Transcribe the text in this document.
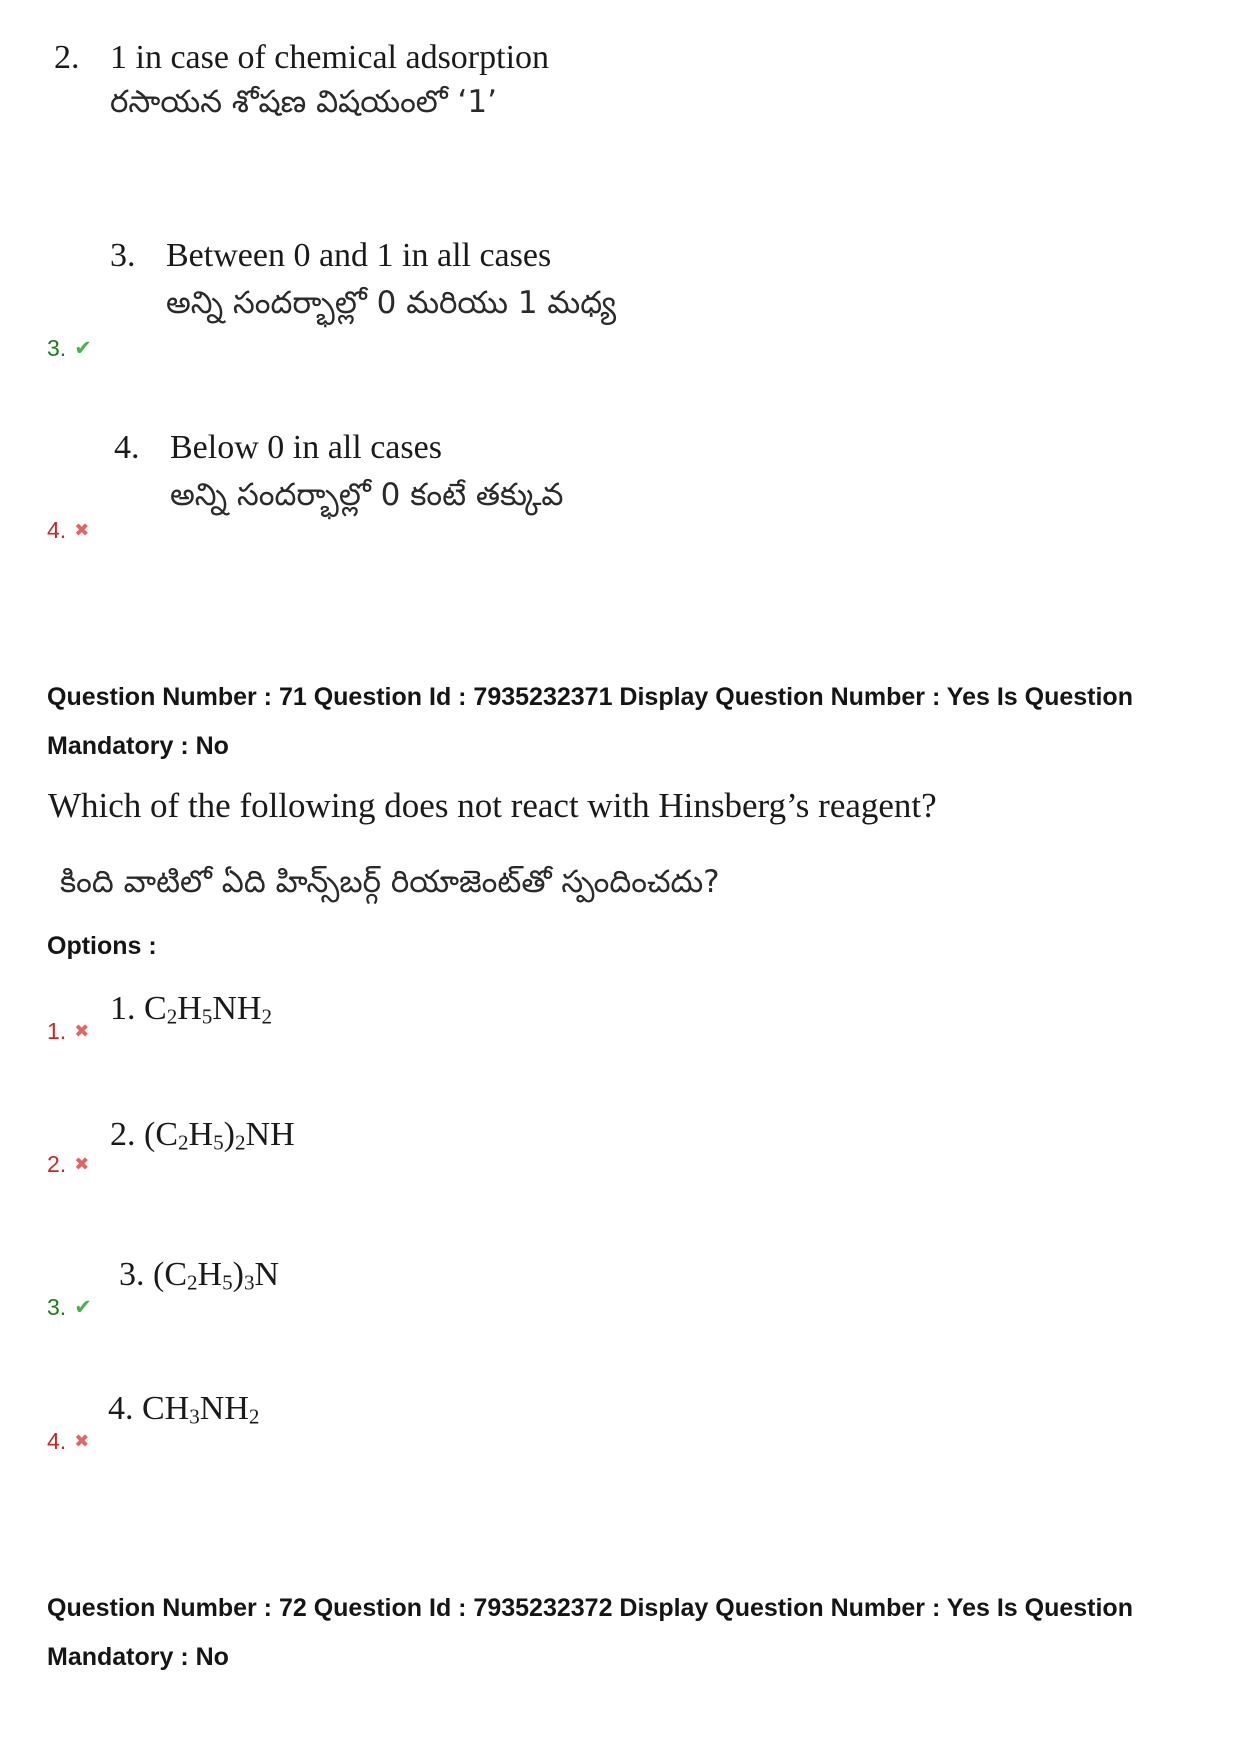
2. 1 in case of chemical adsorption
రసాయన శోషణ విషయంలో ‘1’
3. Between 0 and 1 in all cases
అన్ని సందర్భాల్లో 0 మరియు 1 మధ్య
3. ✔
4. Below 0 in all cases
అన్ని సందర్భాల్లో 0 కంటే తక్కువ
4. ✖
Question Number : 71 Question Id : 7935232371 Display Question Number : Yes Is Question
Mandatory : No
Which of the following does not react with Hinsberg’s reagent?
కింది వాటిలో ఏది హిన్స్‌బర్గ్ రియాజెంట్‌తో స్పందించదు?
Options :
1. $C_2H_5NH_2$
1. ✖
2. $(C_2H_5)_2NH$
2. ✖
3. $(C_2H_5)_3N$
3. ✔
4. $CH_3NH_2$
4. ✖
Question Number : 72 Question Id : 7935232372 Display Question Number : Yes Is Question
Mandatory : No
